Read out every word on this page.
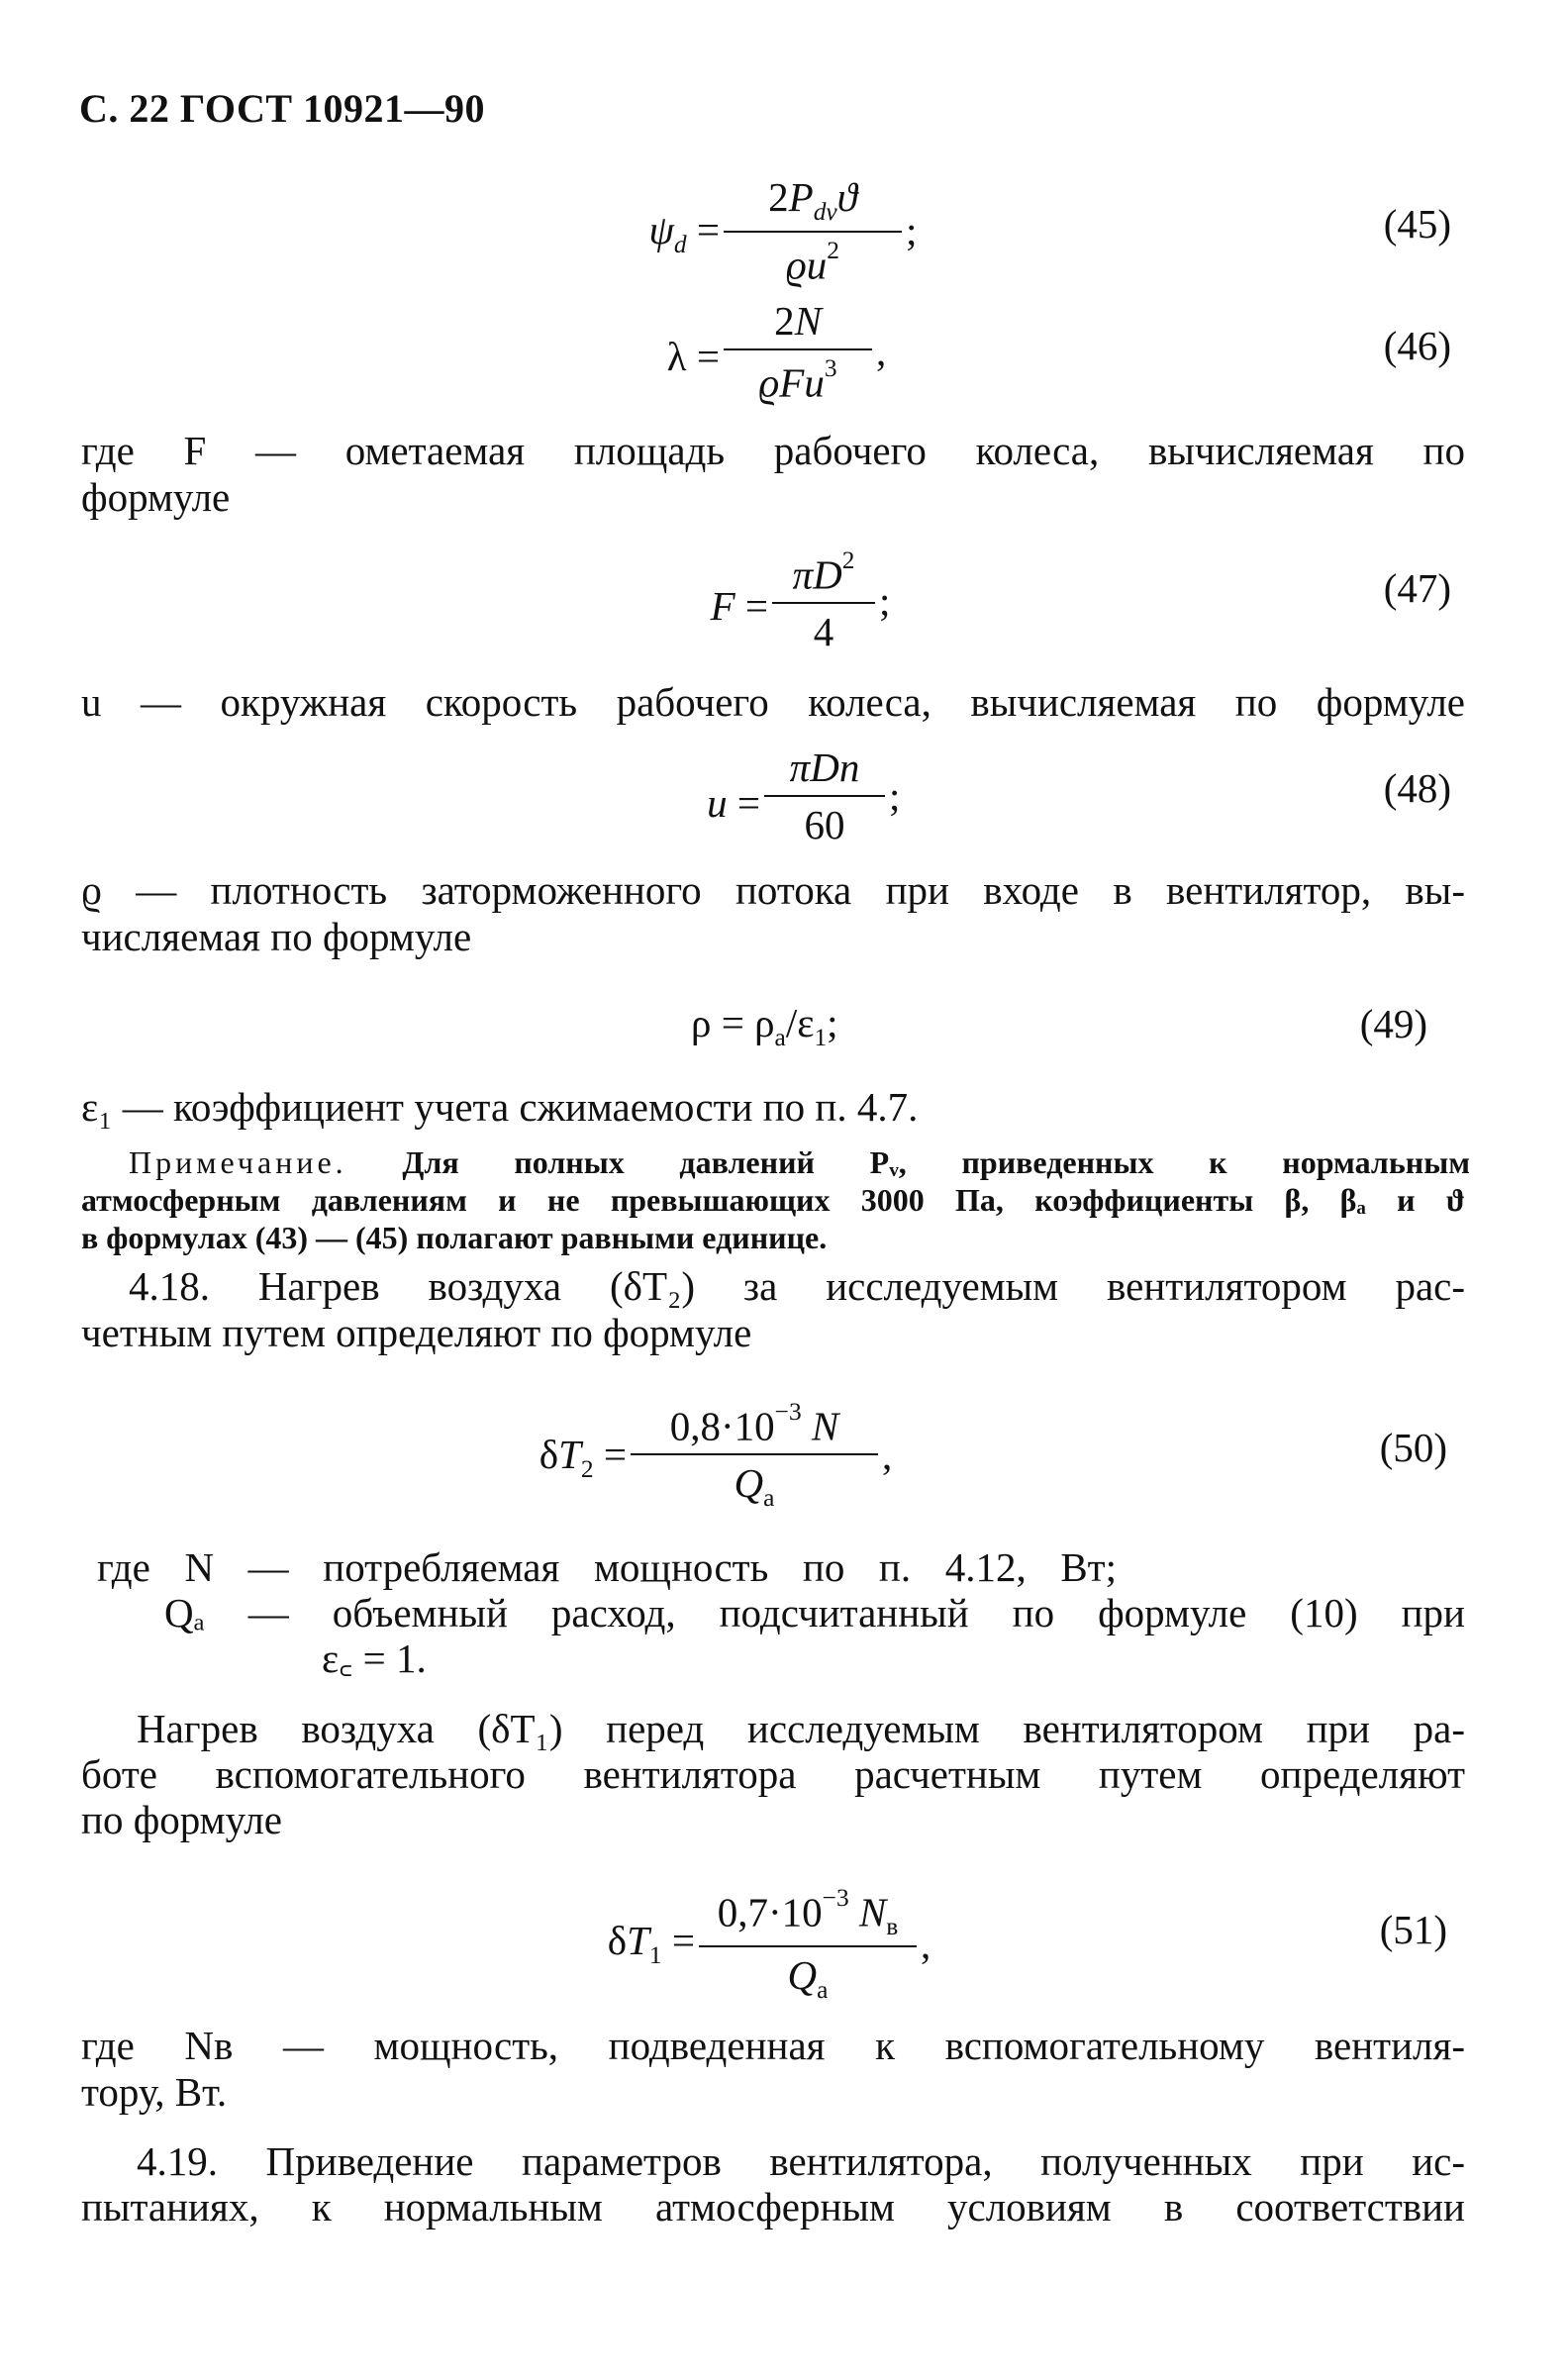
С. 22 ГОСТ 10921—90
$\psi_d$ =
$2P_{dv}ϑ$
$ϱu^2$	;	(45)
λ =
2N
ϱFu$^3$ ,	(46)
где F — ометаемая площадь рабочего колеса, вычисляемая по
формуле
F =
$\pi D^2$
4
;	(47)
u — окружная скорость рабочего колеса, вычисляемая по формуле
u =
πDn
60
;	(48)
ϱ — плотность заторможенного потока при входе в вентилятор, вы-
числяемая по формуле
$\rho = \rho_a/\varepsilon_1$;	(49)
ε₁ — коэффициент учета сжимаемости по п. 4.7.
Примечание. Для полных давлений Pᵥ, приведенных к нормальным
атмосферным давлениям и не превышающих 3000 Па, коэффициенты β, βₐ и ϑ
в формулах (43) — (45) полагают равными единице.
4.18. Нагрев воздуха (δT₂) за исследуемым вентилятором рас-
четным путем определяют по формуле
$\delta T_2$ =
$0,8\cdot 10^{-3}$ N
$Q_a$
,	(50)
где N — потребляемая мощность по п. 4.12, Вт;
Qₐ — объемный расход, подсчитанный по формуле (10) при
ε꜀ = 1.
Нагрев воздуха (δT₁) перед исследуемым вентилятором при ра-
боте вспомогательного вентилятора расчетным путем определяют
по формуле
$\delta T_1$ =
$0,7\cdot 10^{-3}$ $N_в$
$Q_a$
,	(51)
где Nв — мощность, подведенная к вспомогательному вентиля-
тору, Вт.
4.19. Приведение параметров вентилятора, полученных при ис-
пытаниях, к нормальным атмосферным условиям в соответствии
